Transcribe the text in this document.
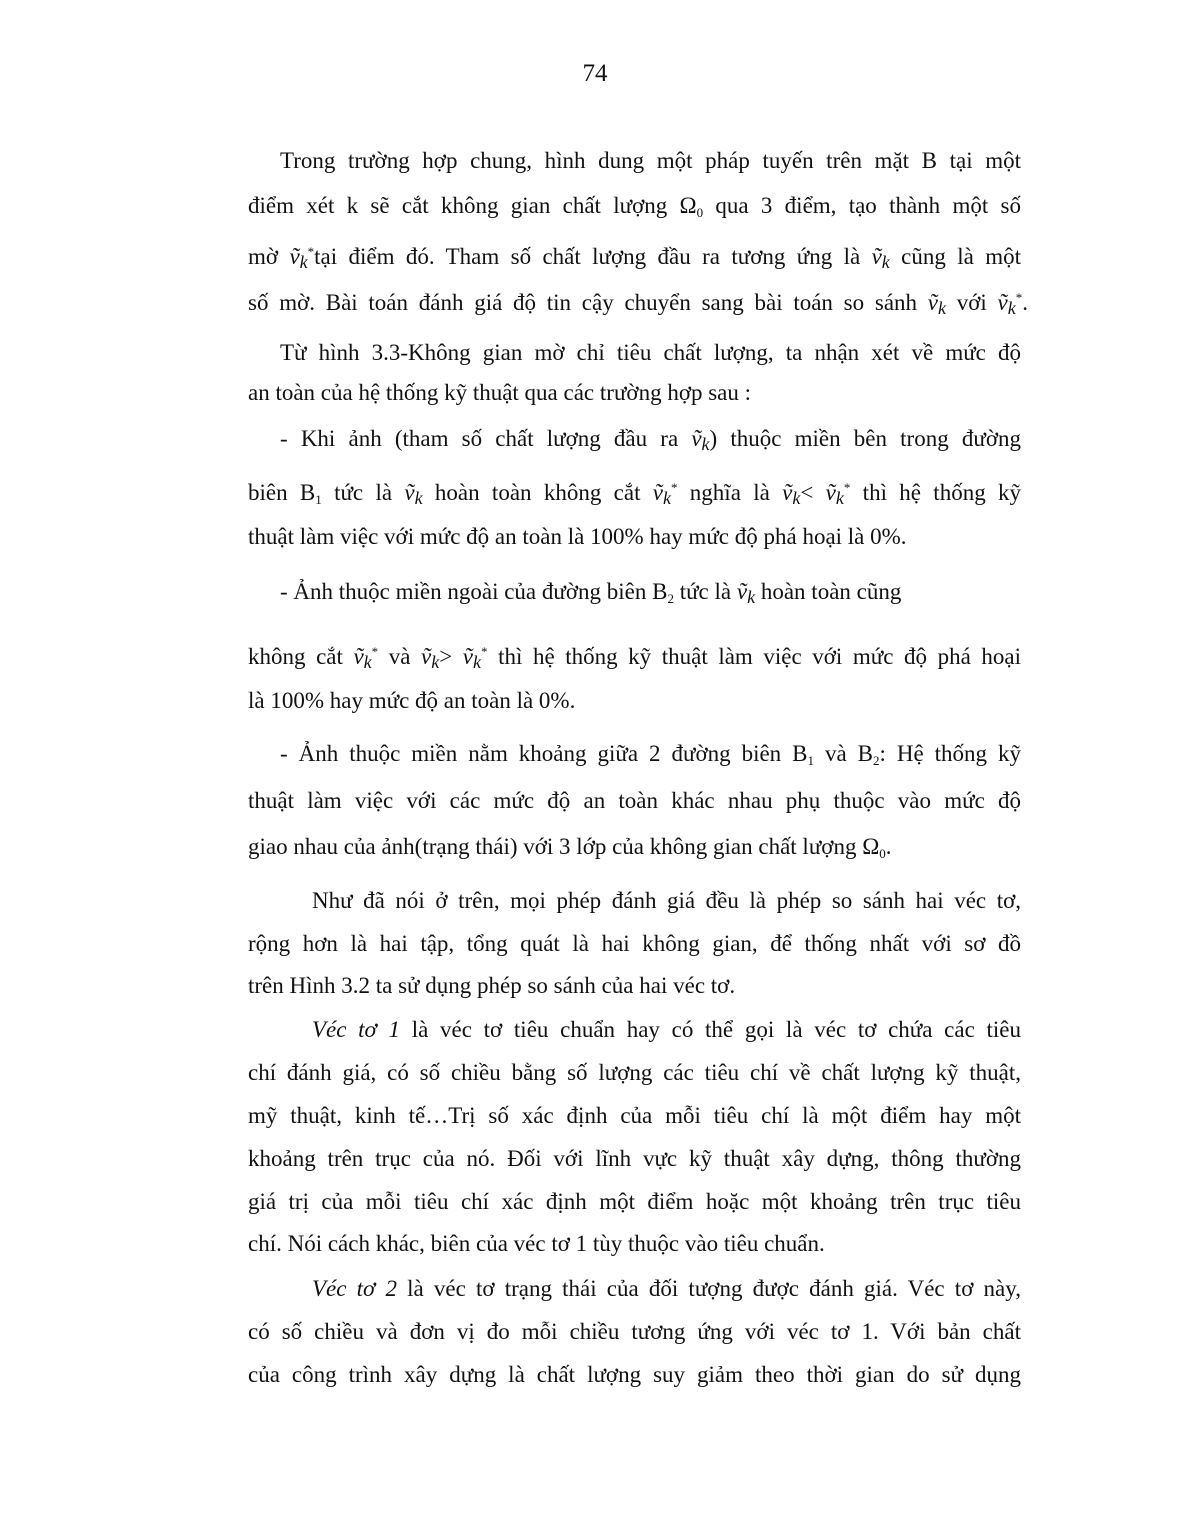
74
Trong trường hợp chung, hình dung một pháp tuyến trên mặt B tại một
điểm xét k sẽ cắt không gian chất lượng $\Omega_0$ qua 3 điểm, tạo thành một số
mờ ṽ$_k$*tại điểm đó. Tham số chất lượng đầu ra tương ứng là ṽ$_k$ cũng là một
số mờ. Bài toán đánh giá độ tin cậy chuyển sang bài toán so sánh ṽ$_k$ với ṽ$_k$*.
Từ hình 3.3-Không gian mờ chỉ tiêu chất lượng, ta nhận xét về mức độ
an toàn của hệ thống kỹ thuật qua các trường hợp sau :
- Khi ảnh (tham số chất lượng đầu ra ṽ$_k$) thuộc miền bên trong đường
biên $B_1$ tức là ṽ$_k$ hoàn toàn không cắt ṽ$_k$* nghĩa là ṽ$_k$< ṽ$_k$* thì hệ thống kỹ
thuật làm việc với mức độ an toàn là 100% hay mức độ phá hoại là 0%.
- Ảnh thuộc miền ngoài của đường biên $B_2$ tức là ṽ$_k$ hoàn toàn cũng
không cắt ṽ$_k$* và ṽ$_k$> ṽ$_k$* thì hệ thống kỹ thuật làm việc với mức độ phá hoại
là 100% hay mức độ an toàn là 0%.
- Ảnh thuộc miền nằm khoảng giữa 2 đường biên $B_1$ và $B_2$: Hệ thống kỹ
thuật làm việc với các mức độ an toàn khác nhau phụ thuộc vào mức độ
giao nhau của ảnh(trạng thái) với 3 lớp của không gian chất lượng $\Omega_0$.
Như đã nói ở trên, mọi phép đánh giá đều là phép so sánh hai véc tơ,
rộng hơn là hai tập, tổng quát là hai không gian, để thống nhất với sơ đồ
trên Hình 3.2 ta sử dụng phép so sánh của hai véc tơ.
Véc tơ 1 là véc tơ tiêu chuẩn hay có thể gọi là véc tơ chứa các tiêu
chí đánh giá, có số chiều bằng số lượng các tiêu chí về chất lượng kỹ thuật,
mỹ thuật, kinh tế…Trị số xác định của mỗi tiêu chí là một điểm hay một
khoảng trên trục của nó. Đối với lĩnh vực kỹ thuật xây dựng, thông thường
giá trị của mỗi tiêu chí xác định một điểm hoặc một khoảng trên trục tiêu
chí. Nói cách khác, biên của véc tơ 1 tùy thuộc vào tiêu chuẩn.
Véc tơ 2 là véc tơ trạng thái của đối tượng được đánh giá. Véc tơ này,
có số chiều và đơn vị đo mỗi chiều tương ứng với véc tơ 1. Với bản chất
của công trình xây dựng là chất lượng suy giảm theo thời gian do sử dụng
